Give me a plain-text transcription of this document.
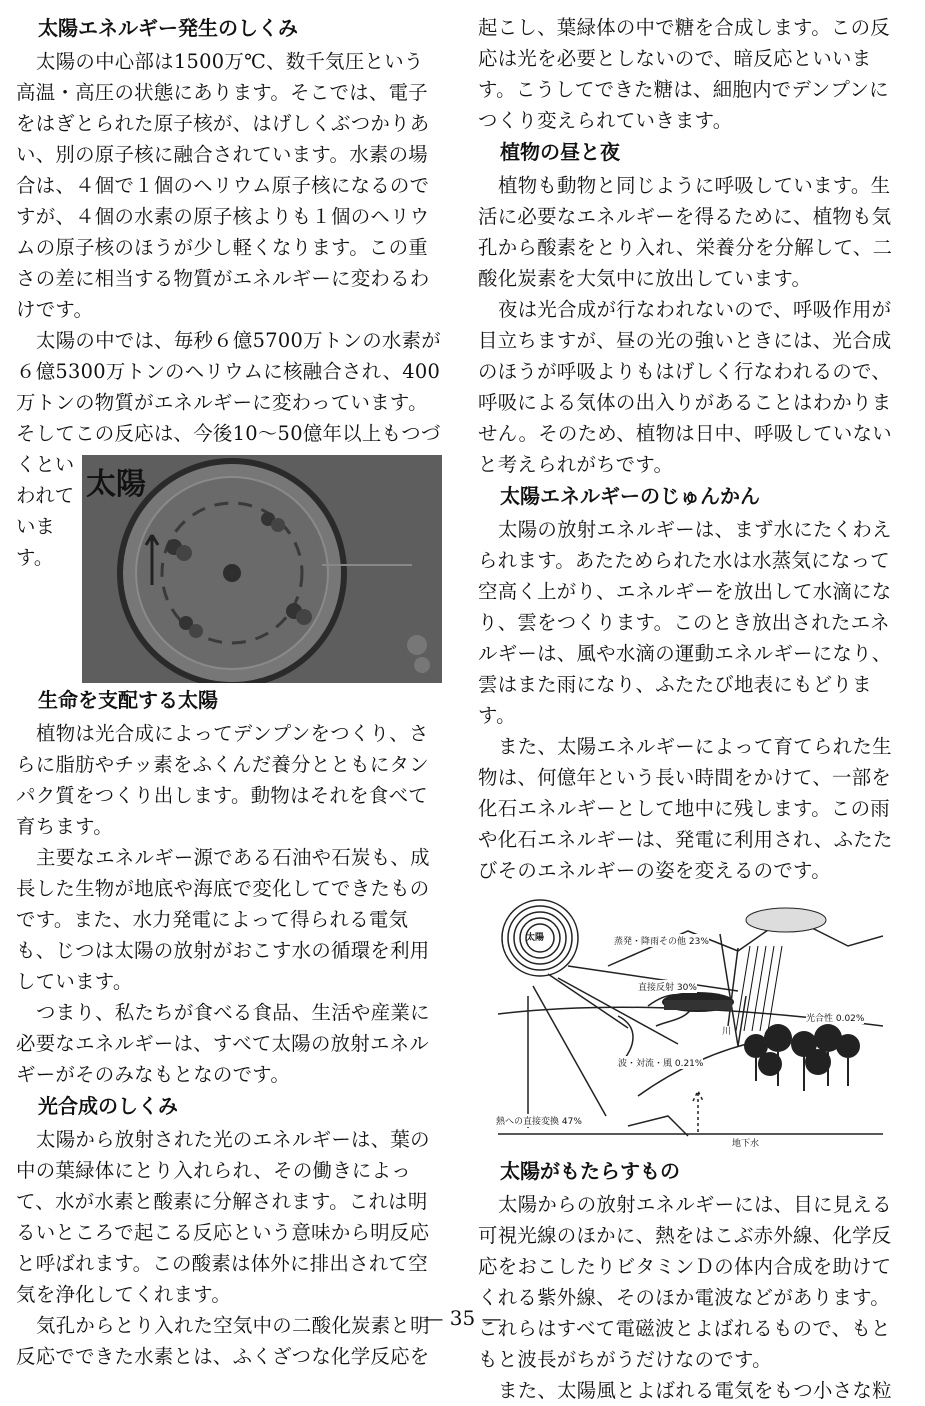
太陽エネルギー発生のしくみ

太陽の中心部は1500万℃、数千気圧という高温・高圧の状態にあります。そこでは、電子をはぎとられた原子核が、はげしくぶつかりあい、別の原子核に融合されています。水素の場合は、４個で１個のヘリウム原子核になるのですが、４個の水素の原子核よりも１個のヘリウムの原子核のほうが少し軽くなります。この重さの差に相当する物質がエネルギーに変わるわけです。

太陽の中では、毎秒６億5700万トンの水素が６億5300万トンのヘリウムに核融合され、400万トンの物質がエネルギーに変わっています。そしてこの反応は、今後10〜50億年以上もつづ

くとい
われて
います。
太陽
生命を支配する太陽

植物は光合成によってデンプンをつくり、さらに脂肪やチッ素をふくんだ養分とともにタンパク質をつくり出します。動物はそれを食べて育ちます。

主要なエネルギー源である石油や石炭も、成長した生物が地底や海底で変化してできたものです。また、水力発電によって得られる電気も、じつは太陽の放射がおこす水の循環を利用しています。

つまり、私たちが食べる食品、生活や産業に必要なエネルギーは、すべて太陽の放射エネルギーがそのみなもとなのです。

光合成のしくみ

太陽から放射された光のエネルギーは、葉の中の葉緑体にとり入れられ、その働きによって、水が水素と酸素に分解されます。これは明るいところで起こる反応という意味から明反応と呼ばれます。この酸素は体外に排出されて空気を浄化してくれます。

気孔からとり入れた空気中の二酸化炭素と明反応でできた水素とは、ふくざつな化学反応を

起こし、葉緑体の中で糖を合成します。この反応は光を必要としないので、暗反応といいます。こうしてできた糖は、細胞内でデンプンにつくり変えられていきます。

植物の昼と夜

植物も動物と同じように呼吸しています。生活に必要なエネルギーを得るために、植物も気孔から酸素をとり入れ、栄養分を分解して、二酸化炭素を大気中に放出しています。

夜は光合成が行なわれないので、呼吸作用が目立ちますが、昼の光の強いときには、光合成のほうが呼吸よりもはげしく行なわれるので、呼吸による気体の出入りがあることはわかりません。そのため、植物は日中、呼吸していないと考えられがちです。

太陽エネルギーのじゅんかん

太陽の放射エネルギーは、まず水にたくわえられます。あたためられた水は水蒸気になって空高く上がり、エネルギーを放出して水滴になり、雲をつくります。このとき放出されたエネルギーは、風や水滴の運動エネルギーになり、雲はまた雨になり、ふたたび地表にもどります。

また、太陽エネルギーによって育てられた生物は、何億年という長い時間をかけて、一部を化石エネルギーとして地中に残します。この雨や化石エネルギーは、発電に利用され、ふたたびそのエネルギーの姿を変えるのです。

太陽	蒸発・降雨その他 23%
直接反射 30%
光合性 0.02%
川
波・対流・風 0.21%
熱への直接変換 47%
地下水
太陽がもたらすもの

太陽からの放射エネルギーには、目に見える可視光線のほかに、熱をはこぶ赤外線、化学反応をおこしたりビタミンＤの体内合成を助けてくれる紫外線、そのほか電波などがあります。これらはすべて電磁波とよばれるもので、もともと波長がちがうだけなのです。

また、太陽風とよばれる電気をもつ小さな粒

— 35 —
